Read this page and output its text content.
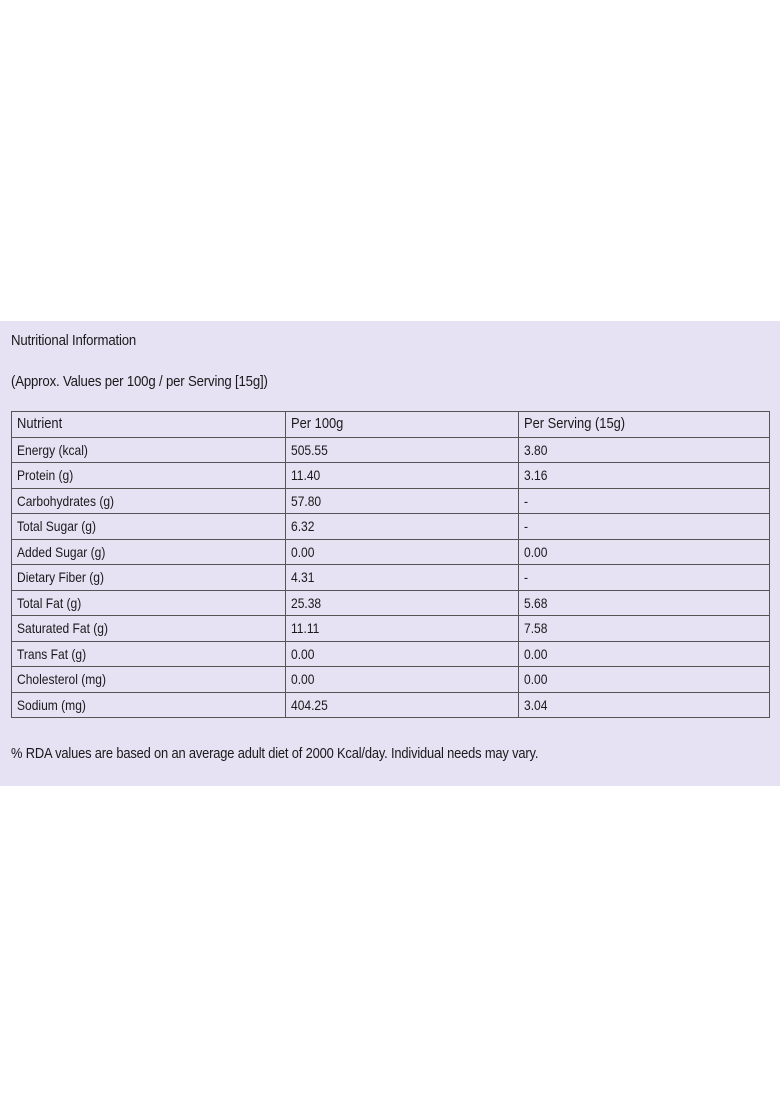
Nutritional Information
(Approx. Values per 100g / per Serving [15g])
Nutrient	Per 100g	Per Serving (15g)
Energy (kcal)	505.55	3.80
Protein (g)	11.40	3.16
Carbohydrates (g)	57.80	-
Total Sugar (g)	6.32	-
Added Sugar (g)	0.00	0.00
Dietary Fiber (g)	4.31	-
Total Fat (g)	25.38	5.68
Saturated Fat (g)	11.11	7.58
Trans Fat (g)	0.00	0.00
Cholesterol (mg)	0.00	0.00
Sodium (mg)	404.25	3.04
% RDA values are based on an average adult diet of 2000 Kcal/day. Individual needs may vary.
